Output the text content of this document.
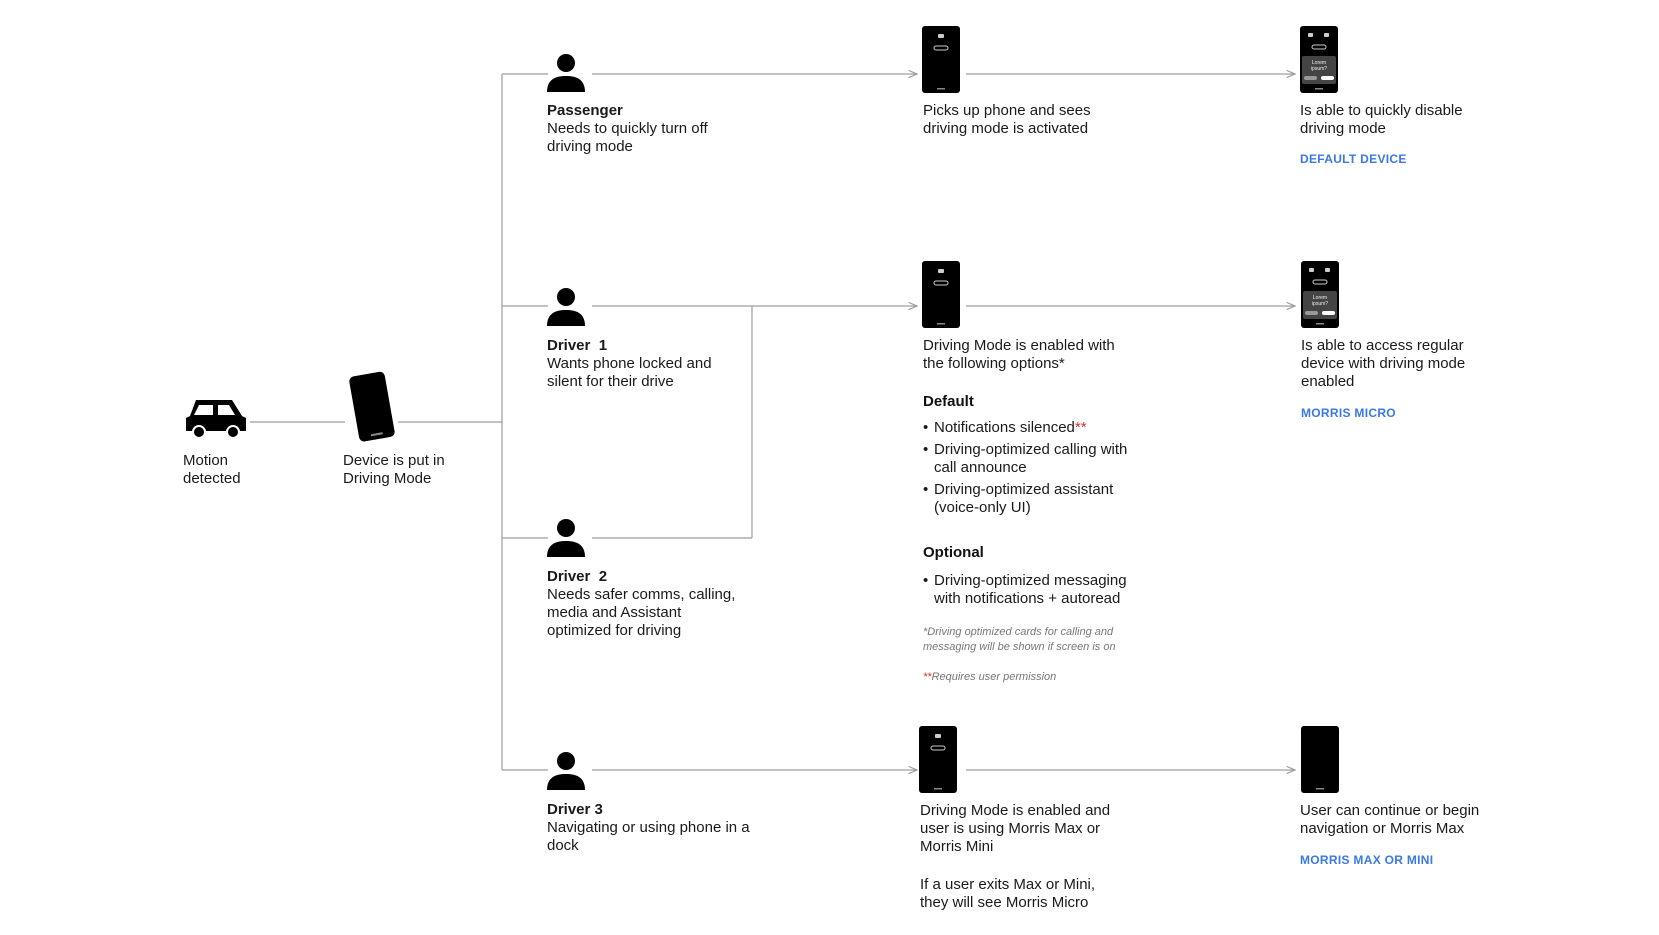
Motion
detected
Device is put in
Driving Mode
Passenger
Needs to quickly turn off
driving mode
Driver  1
Wants phone locked and
silent for their drive
Driver  2
Needs safer comms, calling,
media and Assistant
optimized for driving
Driver 3
Navigating or using phone in a
dock
Picks up phone and sees
driving mode is activated
Driving Mode is enabled with
the following options*
Default
• Notifications silenced**
• Driving-optimized calling with
call announce
• Driving-optimized assistant
(voice-only UI)
Optional
• Driving-optimized messaging
with notifications + autoread
*Driving optimized cards for calling and
messaging will be shown if screen is on
**Requires user permission
Driving Mode is enabled and
user is using Morris Max or
Morris Mini
If a user exits Max or Mini,
they will see Morris Micro
Lorem
ipsum?
Lorem
ipsum?
Is able to quickly disable
driving mode
DEFAULT DEVICE
Is able to access regular
device with driving mode
enabled
MORRIS MICRO
User can continue or begin
navigation or Morris Max
MORRIS MAX OR MINI
